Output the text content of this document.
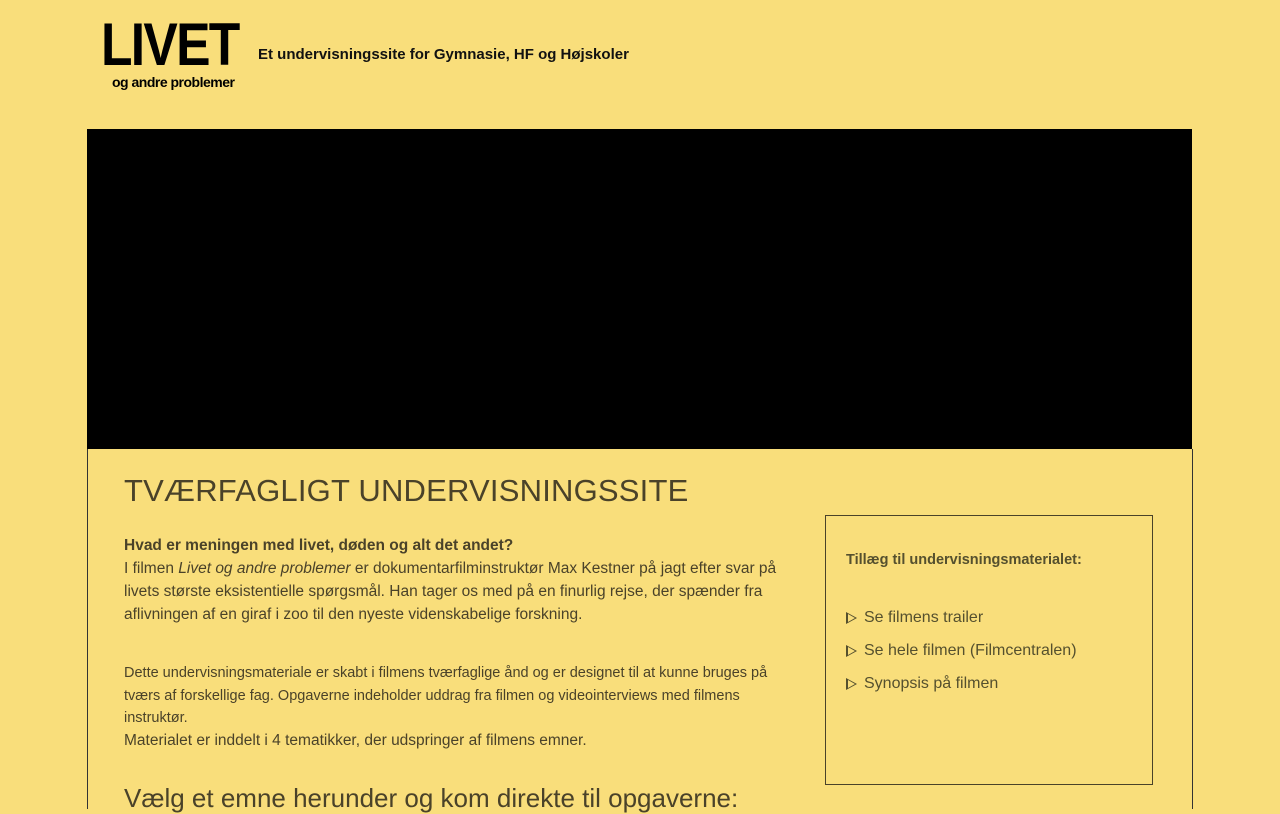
LIVET
og andre problemer
Et undervisningssite for Gymnasie, HF og Højskoler
TVÆRFAGLIGT UNDERVISNINGSSITE
Hvad er meningen med livet, døden og alt det andet?
I filmen Livet og andre problemer er dokumentarfilminstruktør Max Kestner på jagt efter svar på livets største eksistentielle spørgsmål. Han tager os med på en finurlig rejse, der spænder fra aflivningen af en giraf i zoo til den nyeste videnskabelige forskning.
Dette undervisningsmateriale er skabt i filmens tværfaglige ånd og er designet til at kunne bruges på tværs af forskellige fag. Opgaverne indeholder uddrag fra filmen og videointerviews med filmens instruktør.
Materialet er inddelt i 4 tematikker, der udspringer af filmens emner.
Vælg et emne herunder og kom direkte til opgaverne:
Tillæg til undervisningsmaterialet:
Se filmens trailer
Se hele filmen (Filmcentralen)
Synopsis på filmen
